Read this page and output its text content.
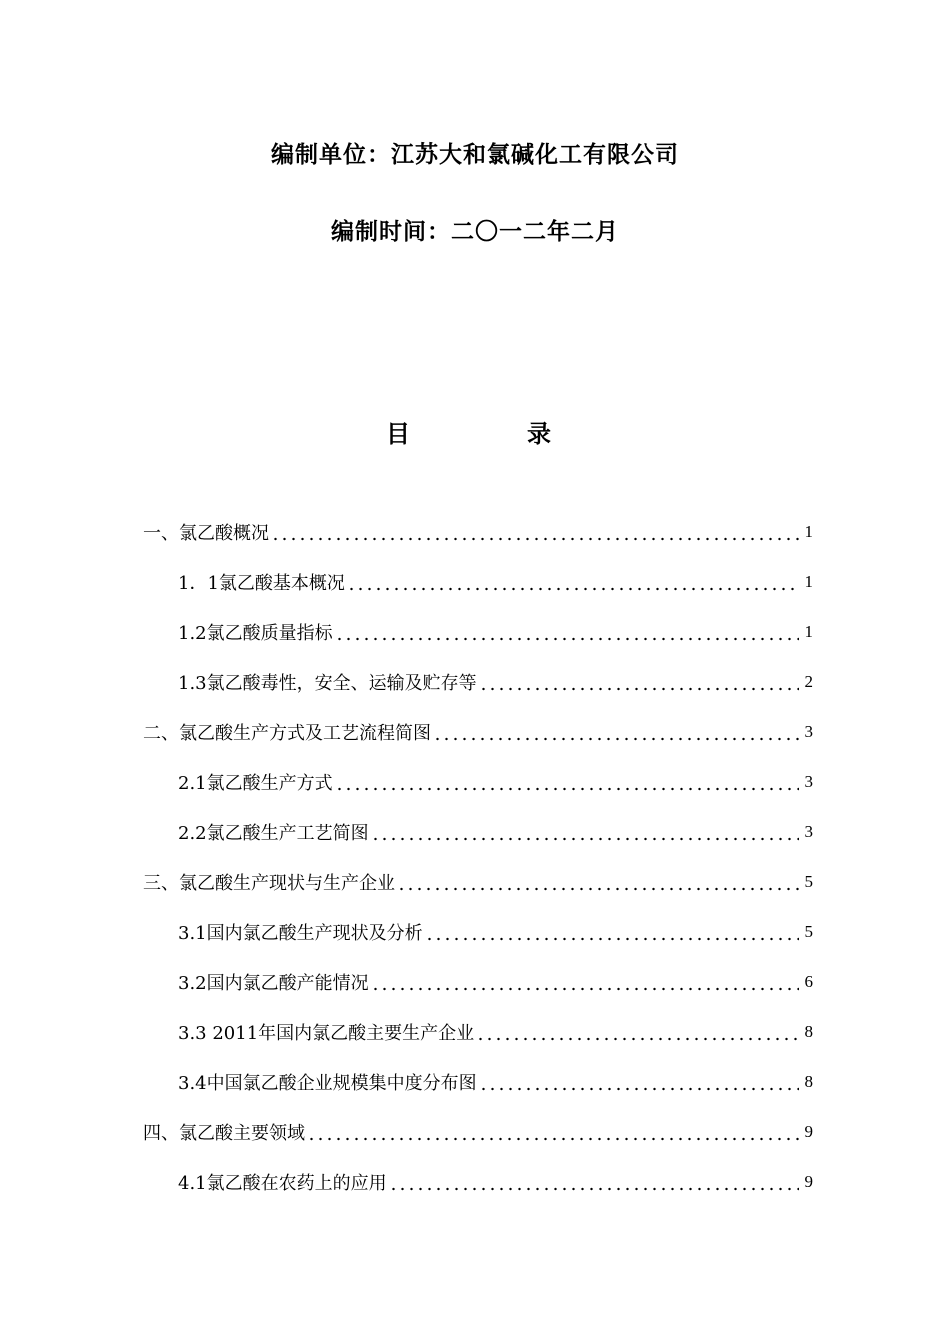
编制单位：江苏大和氯碱化工有限公司
编制时间：二〇一二年二月
目	录
一、氯乙酸概况	1
1．1氯乙酸基本概况	1
1.2氯乙酸质量指标	1
1.3氯乙酸毒性，安全、运输及贮存等	2
二、氯乙酸生产方式及工艺流程简图	3
2.1氯乙酸生产方式	3
2.2氯乙酸生产工艺简图	3
三、氯乙酸生产现状与生产企业	5
3.1国内氯乙酸生产现状及分析	5
3.2国内氯乙酸产能情况	6
3.3 2011年国内氯乙酸主要生产企业	8
3.4中国氯乙酸企业规模集中度分布图	8
四、氯乙酸主要领域	9
4.1氯乙酸在农药上的应用	9
